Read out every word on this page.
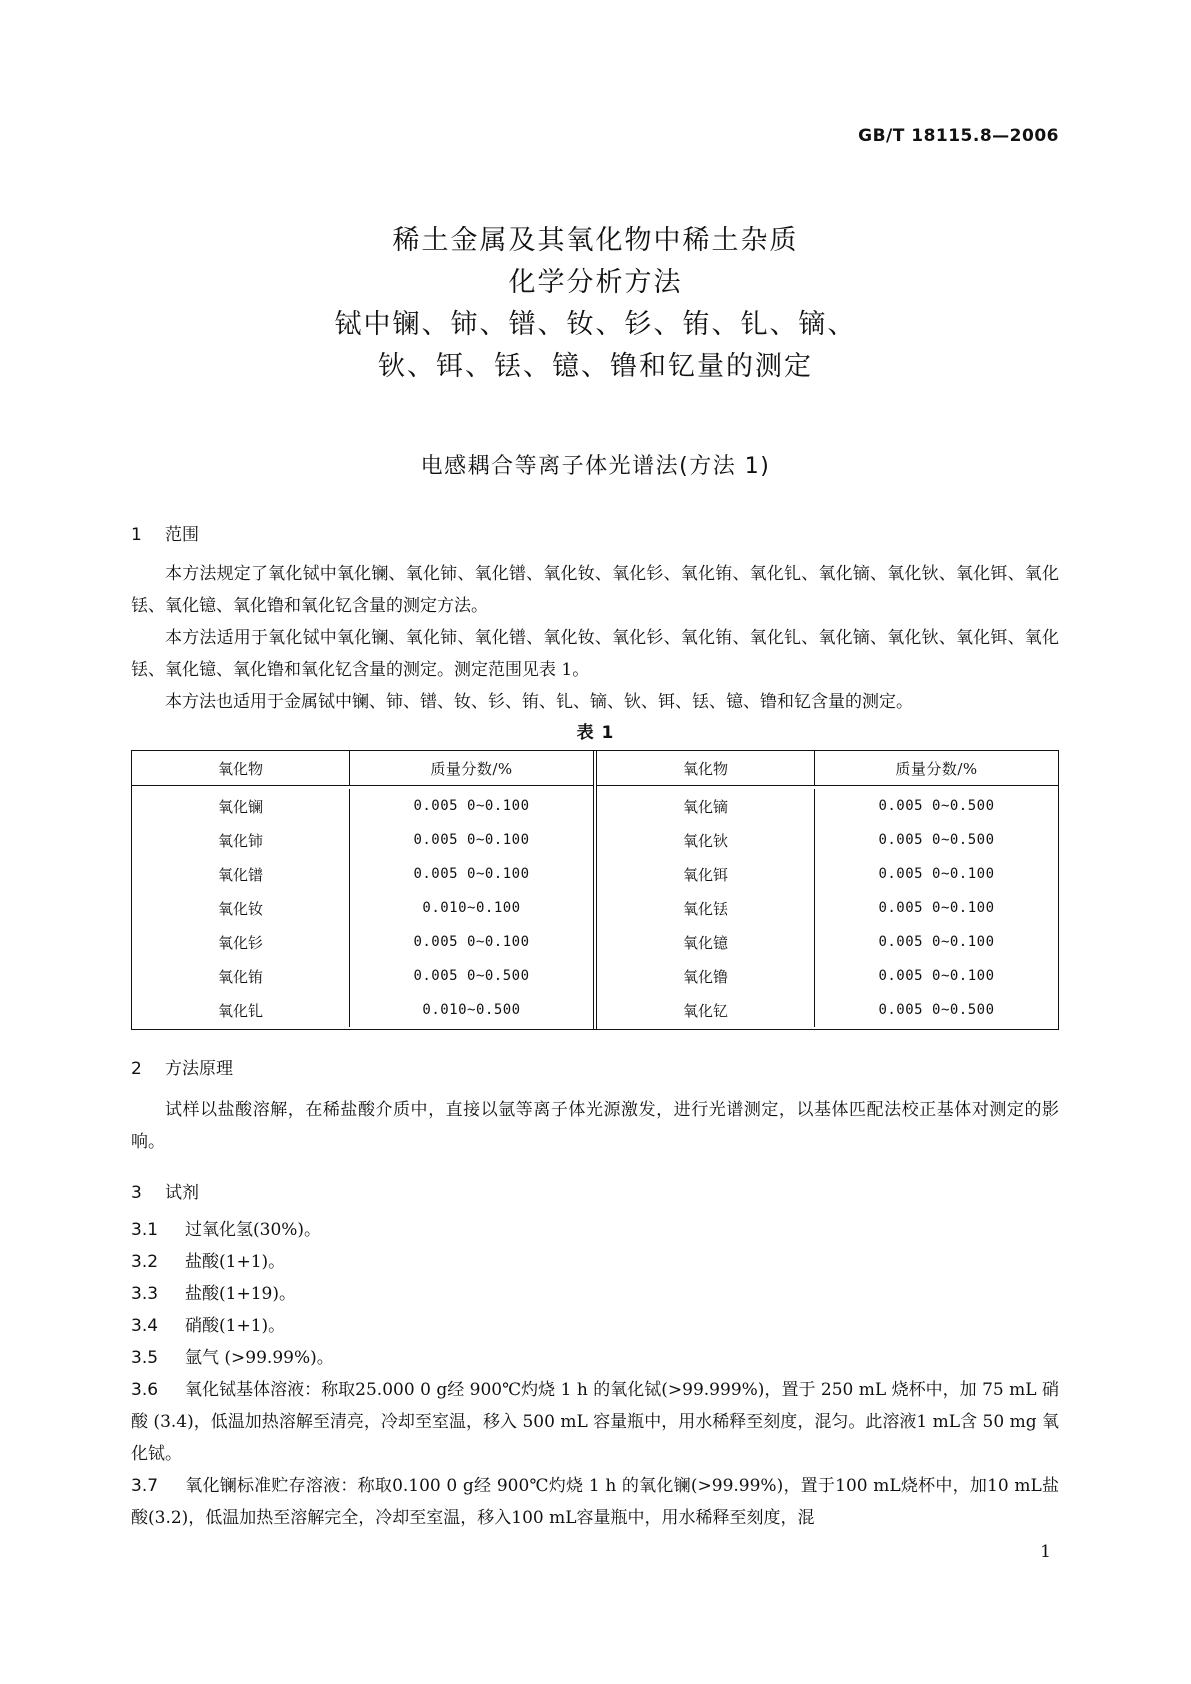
GB/T 18115.8—2006
稀土金属及其氧化物中稀土杂质
化学分析方法
铽中镧、铈、镨、钕、钐、铕、钆、镝、
钬、铒、铥、镱、镥和钇量的测定
电感耦合等离子体光谱法(方法 1)
1 范围
本方法规定了氧化铽中氧化镧、氧化铈、氧化镨、氧化钕、氧化钐、氧化铕、氧化钆、氧化镝、氧化钬、氧化铒、氧化铥、氧化镱、氧化镥和氧化钇含量的测定方法。
本方法适用于氧化铽中氧化镧、氧化铈、氧化镨、氧化钕、氧化钐、氧化铕、氧化钆、氧化镝、氧化钬、氧化铒、氧化铥、氧化镱、氧化镥和氧化钇含量的测定。测定范围见表 1。
本方法也适用于金属铽中镧、铈、镨、钕、钐、铕、钆、镝、钬、铒、铥、镱、镥和钇含量的测定。
表 1
氧化物	质量分数/%
氧化镧	0.005 0~0.100
氧化铈	0.005 0~0.100
氧化镨	0.005 0~0.100
氧化钕	0.010~0.100
氧化钐	0.005 0~0.100
氧化铕	0.005 0~0.500
氧化钆	0.010~0.500
氧化物	质量分数/%
氧化镝	0.005 0~0.500
氧化钬	0.005 0~0.500
氧化铒	0.005 0~0.100
氧化铥	0.005 0~0.100
氧化镱	0.005 0~0.100
氧化镥	0.005 0~0.100
氧化钇	0.005 0~0.500
2 方法原理
试样以盐酸溶解，在稀盐酸介质中，直接以氩等离子体光源激发，进行光谱测定，以基体匹配法校正基体对测定的影响。
3 试剂
3.1 过氧化氢(30%)。
3.2 盐酸(1+1)。
3.3 盐酸(1+19)。
3.4 硝酸(1+1)。
3.5 氩气 (>99.99%)。
3.6 氧化铽基体溶液：称取25.000 0 g经 900℃灼烧 1 h 的氧化铽(>99.999%)，置于 250 mL 烧杯中，加 75 mL 硝酸 (3.4)，低温加热溶解至清亮，冷却至室温，移入 500 mL 容量瓶中，用水稀释至刻度，混匀。此溶液1 mL含 50 mg 氧化铽。
3.7 氧化镧标准贮存溶液：称取0.100 0 g经 900℃灼烧 1 h 的氧化镧(>99.99%)，置于100 mL烧杯中，加10 mL盐酸(3.2)，低温加热至溶解完全，冷却至室温，移入100 mL容量瓶中，用水稀释至刻度，混
1
